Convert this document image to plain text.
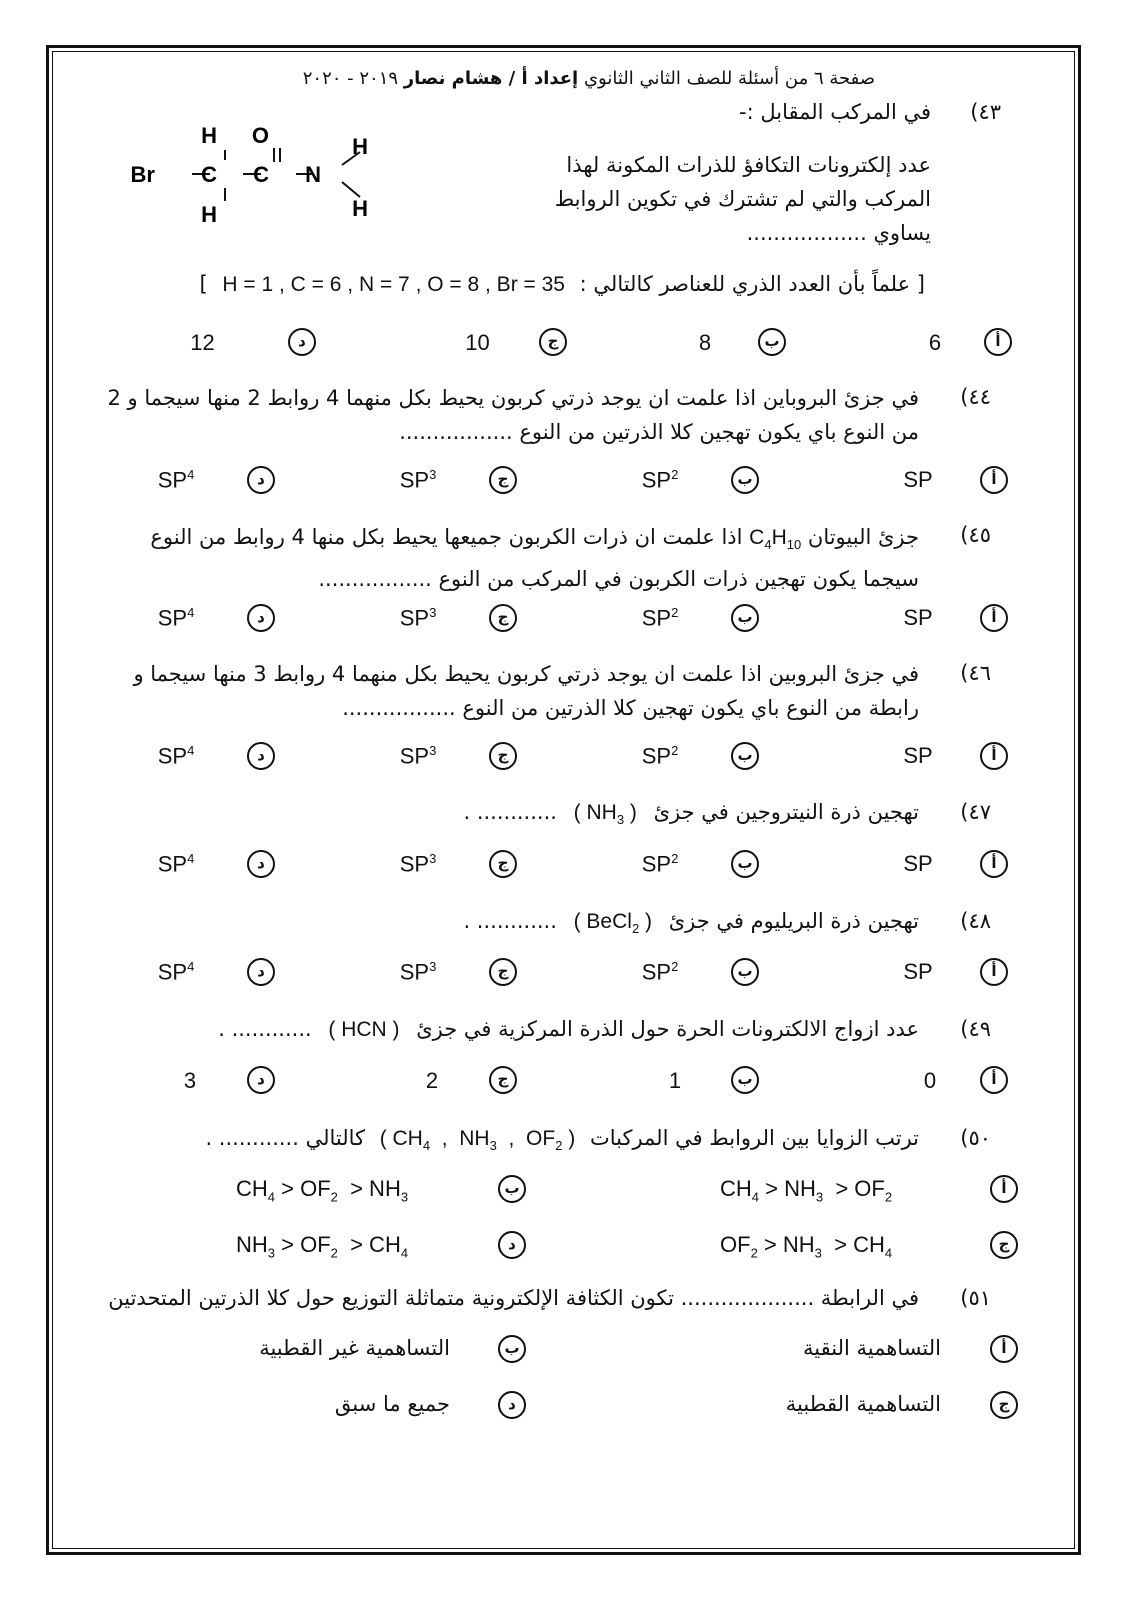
صفحة ٦ من أسئلة للصف الثاني الثانوي إعداد أ / هشام نصار ٢٠١٩ - ٢٠٢٠
٤٣)
في المركب المقابل :-
عدد إلكترونات التكافؤ للذرات المكونة لهذا المركب والتي لم تشترك في تكوين الروابط يساوي ..................
Br C
H
H
C
O
N
H
H
[ علماً بأن العدد الذري للعناصر كالتالي : H = 1 , C = 6 , N = 7 , O = 8 , Br = 35 ]
أ
6
ب
8
ج
10
د
12
٤٤)
في جزئ البروباين اذا علمت ان يوجد ذرتي كربون يحيط بكل منهما 4 روابط 2 منها سيجما و 2 من النوع باي يكون تهجين كلا الذرتين من النوع .................
أ
SP
ب
$SP^2$
ج
$SP^3$
د
$SP^4$
٤٥)
جزئ البيوتان $C_4H_{10}$ اذا علمت ان ذرات الكربون جميعها يحيط بكل منها 4 روابط من النوع سيجما يكون تهجين ذرات الكربون في المركب من النوع .................
أ
SP
ب
$SP^2$
ج
$SP^3$
د
$SP^4$
٤٦)
في جزئ البروبين اذا علمت ان يوجد ذرتي كربون يحيط بكل منهما 4 روابط 3 منها سيجما و رابطة من النوع باي يكون تهجين كلا الذرتين من النوع .................
أ
SP
ب
$SP^2$
ج
$SP^3$
د
$SP^4$
٤٧)
تهجين ذرة النيتروجين في جزئ ( $NH_3$ ) ............ .
أ
SP
ب
$SP^2$
ج
$SP^3$
د
$SP^4$
٤٨)
تهجين ذرة البريليوم في جزئ ( BeCl$_2$ ) ............ .
أ
SP
ب
$SP^2$
ج
$SP^3$
د
$SP^4$
٤٩)
عدد ازواج الالكترونات الحرة حول الذرة المركزية في جزئ ( HCN ) ............ .
أ
0
ب
1
ج
2
د
3
٥٠)
ترتب الزوايا بين الروابط في المركبات ( $CH_4$  ,  $NH_3$  ,  $OF_2$ ) كالتالي ............ .
أ
$CH_4 > NH_3 > OF_2$
ب
$CH_4 > OF_2 > NH_3$
ج
$OF_2 > NH_3 > CH_4$
د
$NH_3 > OF_2 > CH_4$
٥١)
في الرابطة .................... تكون الكثافة الإلكترونية متماثلة التوزيع حول كلا الذرتين المتحدتين
أ
التساهمية النقية
ب
التساهمية غير القطبية
ج
التساهمية القطبية
د
جميع ما سبق
